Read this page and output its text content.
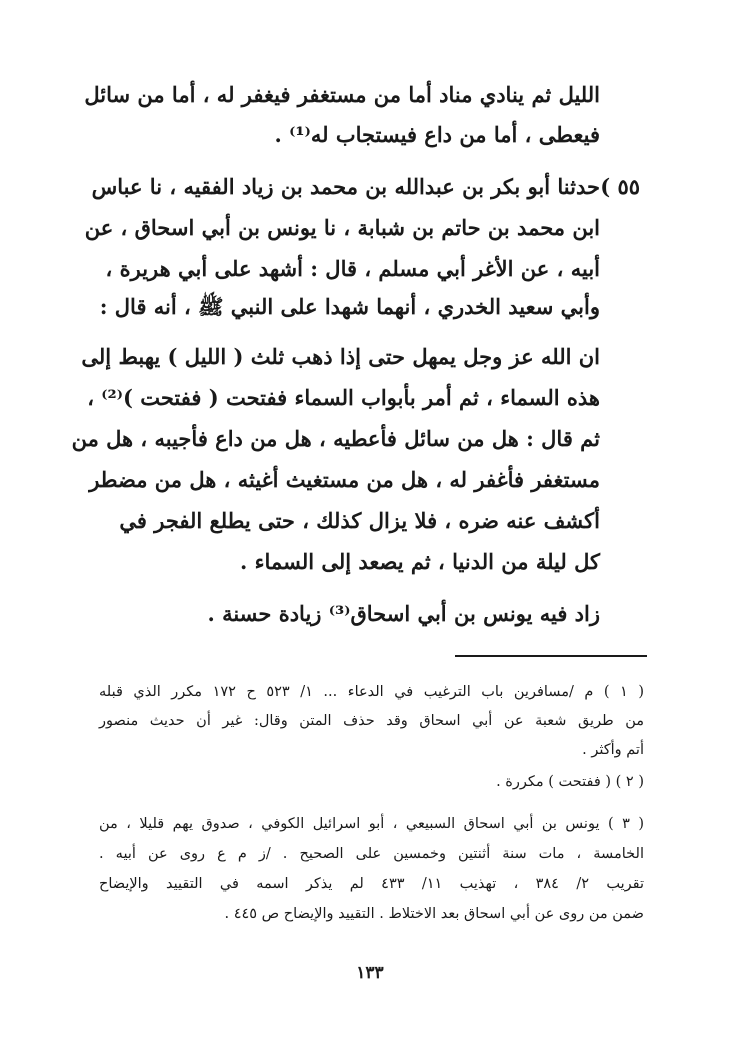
الليل ثم ينادي مناد أما من مستغفر فيغفر له ، أما من سائل
فيعطى ، أما من داع فيستجاب له⁽¹⁾ .
٥٥ )
حدثنا أبو بكر بن عبدالله بن محمد بن زياد الفقيه ، نا عباس
ابن محمد بن حاتم بن شبابة ، نا يونس بن أبي اسحاق ، عن
أبيه ، عن الأغر أبي مسلم ، قال : أشهد على أبي هريرة ،
وأبي سعيد الخدري ، أنهما شهدا على النبي ﷺ ، أنه قال :
ان الله عز وجل يمهل حتى إذا ذهب ثلث ( الليل ) يهبط إلى
هذه السماء ، ثم أمر بأبواب السماء ففتحت ( ففتحت )⁽²⁾ ،
ثم قال : هل من سائل فأعطيه ، هل من داع فأجيبه ، هل من
مستغفر فأغفر له ، هل من مستغيث أغيثه ، هل من مضطر
أكشف عنه ضره ، فلا يزال كذلك ، حتى يطلع الفجر في
كل ليلة من الدنيا ، ثم يصعد إلى السماء .
زاد فيه يونس بن أبي اسحاق⁽³⁾ زيادة حسنة .
( ١ ) م /مسافرين باب الترغيب في الدعاء ... ١/ ٥٢٣ ح ١٧٢ مكرر الذي قبله
من طريق شعبة عن أبي اسحاق وقد حذف المتن وقال: غير أن حديث منصور
أتم وأكثر .
( ٢ ) ( ففتحت ) مكررة .
( ٣ ) يونس بن أبي اسحاق السبيعي ، أبو اسرائيل الكوفي ، صدوق يهم قليلا ، من
الخامسة ، مات سنة أثنتين وخمسين على الصحيح . /ز م ع روى عن أبيه .
تقريب ٢/ ٣٨٤ ، تهذيب ١١/ ٤٣٣ لم يذكر اسمه في التقييد والإيضاح
ضمن من روى عن أبي اسحاق بعد الاختلاط . التقييد والإيضاح ص ٤٤٥ .
١٣٣
